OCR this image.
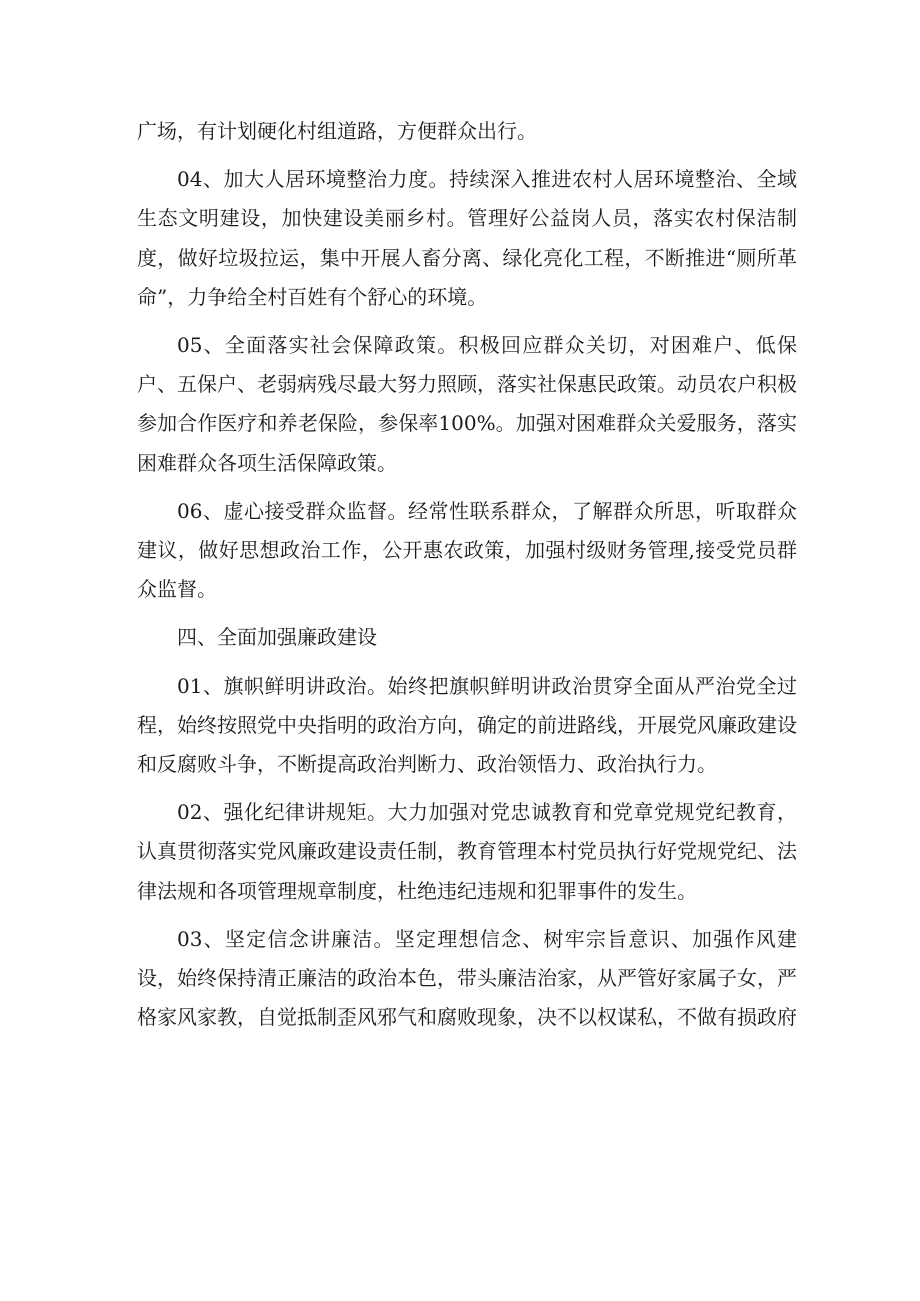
广场，有计划硬化村组道路，方便群众出行。

04、加大人居环境整治力度。持续深入推进农村人居环境整治、全域生态文明建设，加快建设美丽乡村。管理好公益岗人员，落实农村保洁制度，做好垃圾拉运，集中开展人畜分离、绿化亮化工程，不断推进“厕所革命”，力争给全村百姓有个舒心的环境。

05、全面落实社会保障政策。积极回应群众关切，对困难户、低保户、五保户、老弱病残尽最大努力照顾，落实社保惠民政策。动员农户积极参加合作医疗和养老保险，参保率100%。加强对困难群众关爱服务，落实困难群众各项生活保障政策。

06、虚心接受群众监督。经常性联系群众，了解群众所思，听取群众建议，做好思想政治工作，公开惠农政策，加强村级财务管理,接受党员群众监督。

四、全面加强廉政建设

01、旗帜鲜明讲政治。始终把旗帜鲜明讲政治贯穿全面从严治党全过程，始终按照党中央指明的政治方向，确定的前进路线，开展党风廉政建设和反腐败斗争，不断提高政治判断力、政治领悟力、政治执行力。

02、强化纪律讲规矩。大力加强对党忠诚教育和党章党规党纪教育，认真贯彻落实党风廉政建设责任制，教育管理本村党员执行好党规党纪、法律法规和各项管理规章制度，杜绝违纪违规和犯罪事件的发生。

03、坚定信念讲廉洁。坚定理想信念、树牢宗旨意识、加强作风建设，始终保持清正廉洁的政治本色，带头廉洁治家，从严管好家属子女，严格家风家教，自觉抵制歪风邪气和腐败现象，决不以权谋私，不做有损政府
